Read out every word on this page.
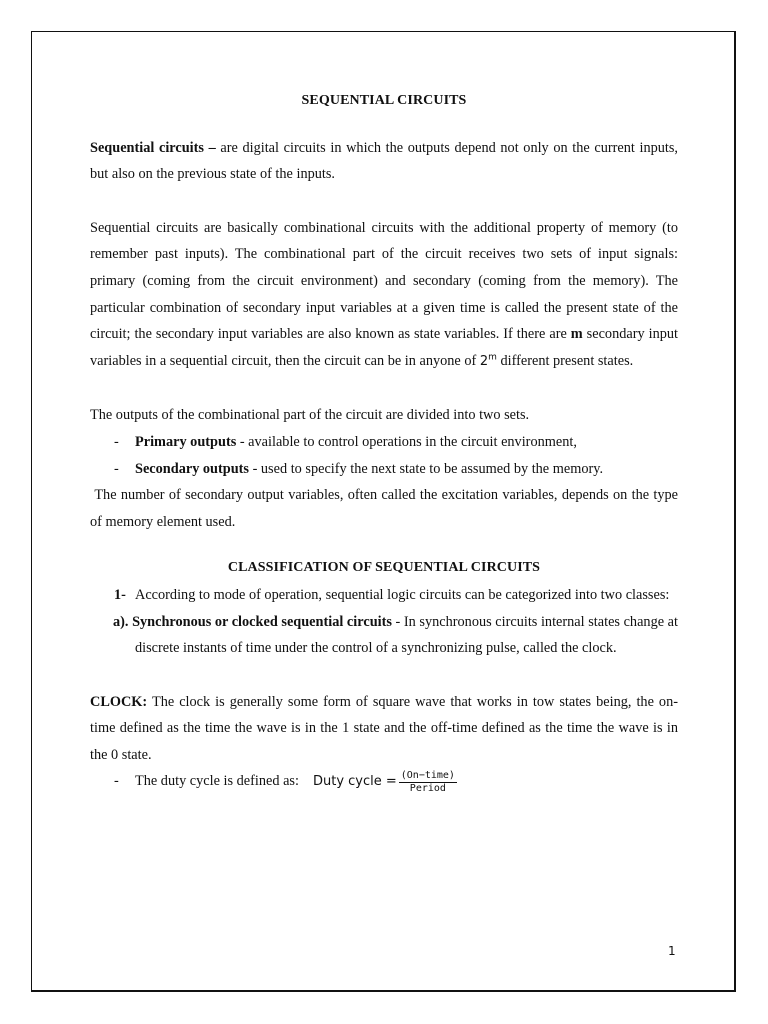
SEQUENTIAL CIRCUITS

Sequential circuits – are digital circuits in which the outputs depend not only on the current inputs, but also on the previous state of the inputs.

Sequential circuits are basically combinational circuits with the additional property of memory (to remember past inputs). The combinational part of the circuit receives two sets of input signals: primary (coming from the circuit environment) and secondary (coming from the memory). The particular combination of secondary input variables at a given time is called the present state of the circuit; the secondary input variables are also known as state variables. If there are m secondary input variables in a sequential circuit, then the circuit can be in anyone of 2$^m$ different present states.

The outputs of the combinational part of the circuit are divided into two sets.

- Primary outputs - available to control operations in the circuit environment,
- Secondary outputs - used to specify the next state to be assumed by the memory.

The number of secondary output variables, often called the excitation variables, depends on the type of memory element used.

CLASSIFICATION OF SEQUENTIAL CIRCUITS

1- According to mode of operation, sequential logic circuits can be categorized into two classes:
a). Synchronous or clocked sequential circuits - In synchronous circuits internal states change at discrete instants of time under the control of a synchronizing pulse, called the clock.

CLOCK: The clock is generally some form of square wave that works in tow states being, the on-time defined as the time the wave is in the 1 state and the off-time defined as the time the wave is in the 0 state.

- The duty cycle is defined as: Duty cycle = $\frac{\text{(On−time)}}{\text{Period}}$
1
